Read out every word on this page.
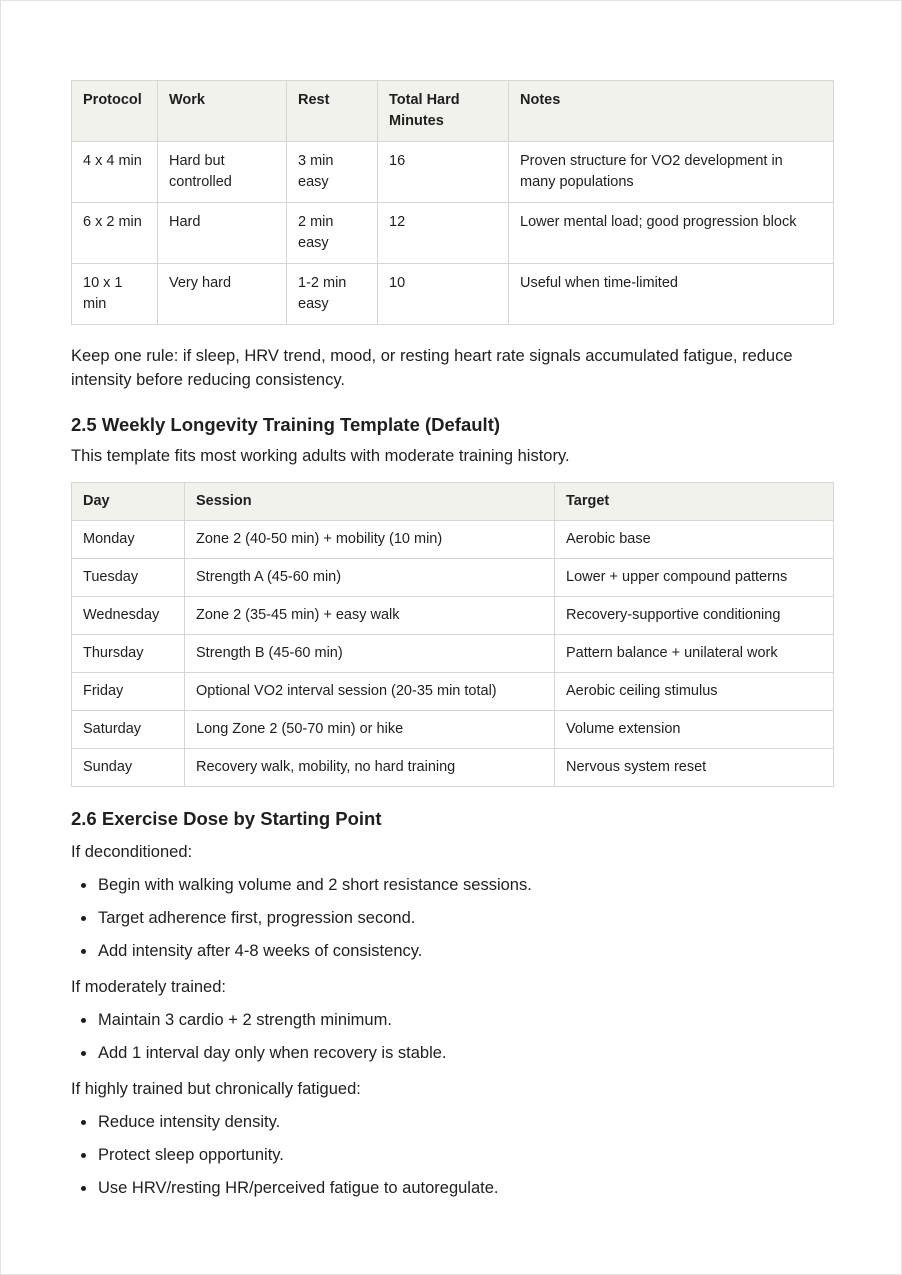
Protocol	Work	Rest	Total Hard Minutes	Notes
4 x 4 min	Hard but controlled	3 min easy	16	Proven structure for VO2 development in many populations
6 x 2 min	Hard	2 min easy	12	Lower mental load; good progression block
10 x 1 min	Very hard	1-2 min easy	10	Useful when time-limited

Keep one rule: if sleep, HRV trend, mood, or resting heart rate signals accumulated fatigue, reduce intensity before reducing consistency.

2.5 Weekly Longevity Training Template (Default)

This template fits most working adults with moderate training history.

Day	Session	Target
Monday	Zone 2 (40-50 min) + mobility (10 min)	Aerobic base
Tuesday	Strength A (45-60 min)	Lower + upper compound patterns
Wednesday	Zone 2 (35-45 min) + easy walk	Recovery-supportive conditioning
Thursday	Strength B (45-60 min)	Pattern balance + unilateral work
Friday	Optional VO2 interval session (20-35 min total)	Aerobic ceiling stimulus
Saturday	Long Zone 2 (50-70 min) or hike	Volume extension
Sunday	Recovery walk, mobility, no hard training	Nervous system reset
2.6 Exercise Dose by Starting Point

If deconditioned:

Begin with walking volume and 2 short resistance sessions.
Target adherence first, progression second.
Add intensity after 4-8 weeks of consistency.

If moderately trained:

Maintain 3 cardio + 2 strength minimum.
Add 1 interval day only when recovery is stable.

If highly trained but chronically fatigued:

Reduce intensity density.
Protect sleep opportunity.
Use HRV/resting HR/perceived fatigue to autoregulate.
